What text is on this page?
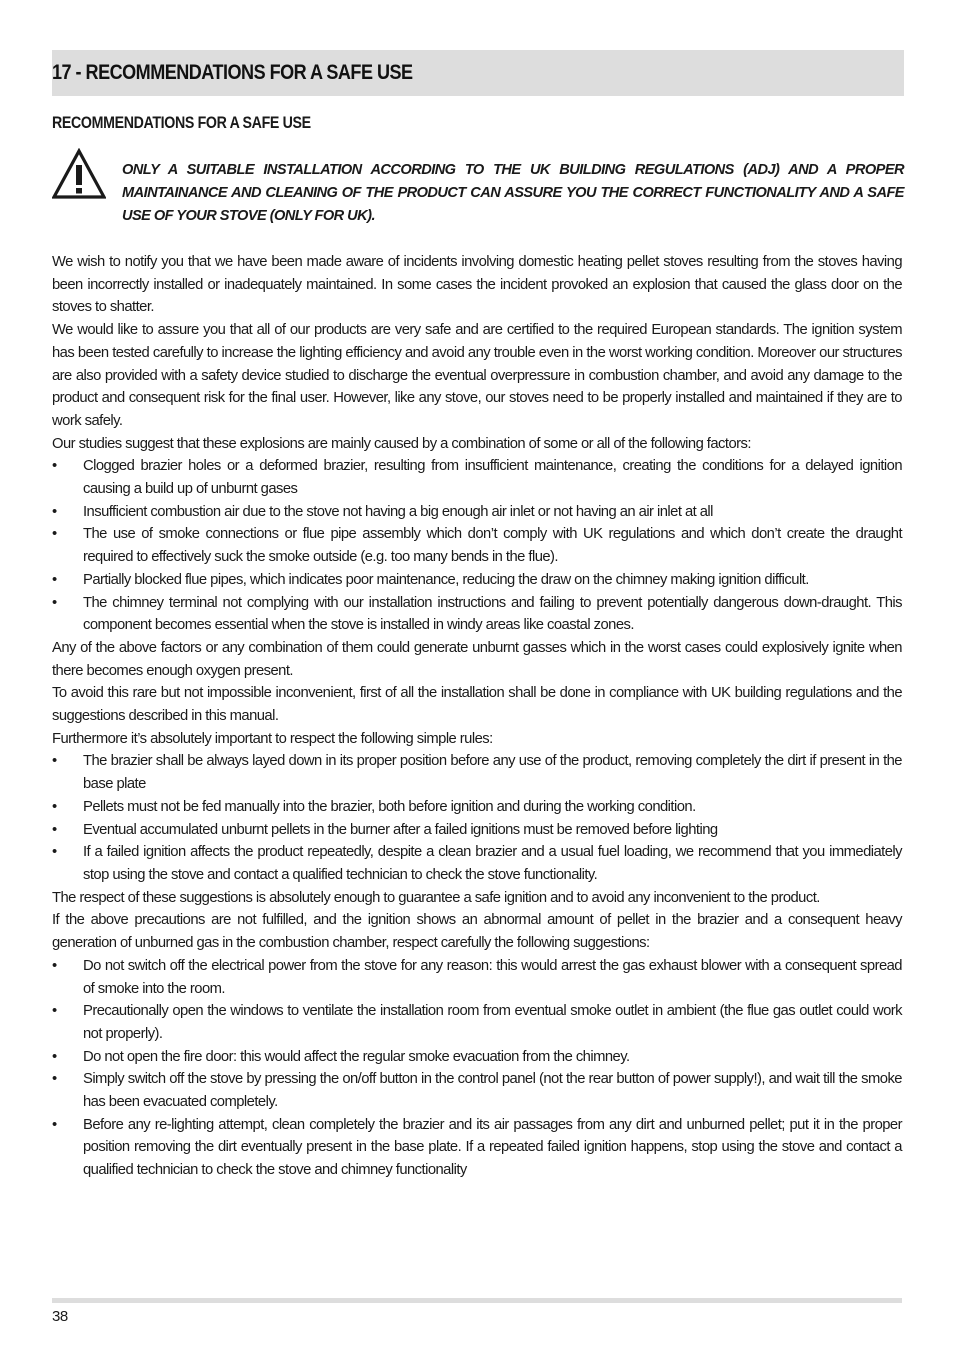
17 - RECOMMENDATIONS FOR A SAFE USE
RECOMMENDATIONS FOR A SAFE USE

ONLY A SUITABLE INSTALLATION ACCORDING TO THE UK BUILDING REGULATIONS (ADJ) AND A PROPER MAINTAINANCE AND CLEANING OF THE PRODUCT CAN ASSURE YOU THE CORRECT FUNCTIONALITY AND A SAFE USE OF YOUR STOVE (ONLY FOR UK).

We wish to notify you that we have been made aware of incidents involving domestic heating pellet stoves resulting from the stoves having been incorrectly installed or inadequately maintained. In some cases the incident provoked an explosion that caused the glass door on the stoves to shatter.

We would like to assure you that all of our products are very safe and are certified to the required European standards. The ignition system has been tested carefully to increase the lighting efficiency and avoid any trouble even in the worst working condition. Moreover our structures are also provided with a safety device studied to discharge the eventual overpressure in combustion chamber, and avoid any damage to the product and consequent risk for the final user. However, like any stove, our stoves need to be properly installed and maintained if they are to work safely.

Our studies suggest that these explosions are mainly caused by a combination of some or all of the following factors:

• Clogged brazier holes or a deformed brazier, resulting from insufficient maintenance, creating the conditions for a delayed ignition causing a build up of unburnt gases
• Insufficient combustion air due to the stove not having a big enough air inlet or not having an air inlet at all
• The use of smoke connections or flue pipe assembly which don’t comply with UK regulations and which don’t create the draught required to effectively suck the smoke outside (e.g. too many bends in the flue).
• Partially blocked flue pipes, which indicates poor maintenance, reducing the draw on the chimney making ignition difficult.
• The chimney terminal not complying with our installation instructions and failing to prevent potentially dangerous down-draught. This component becomes essential when the stove is installed in windy areas like coastal zones.

Any of the above factors or any combination of them could generate unburnt gasses which in the worst cases could explosively ignite when there becomes enough oxygen present.

To avoid this rare but not impossible inconvenient, first of all the installation shall be done in compliance with UK building regulations and the suggestions described in this manual.

Furthermore it’s absolutely important to respect the following simple rules:

• The brazier shall be always layed down in its proper position before any use of the product, removing completely the dirt if present in the base plate
• Pellets must not be fed manually into the brazier, both before ignition and during the working condition.
• Eventual accumulated unburnt pellets in the burner after a failed ignitions must be removed before lighting
• If a failed ignition affects the product repeatedly, despite a clean brazier and a usual fuel loading, we recommend that you immediately stop using the stove and contact a qualified technician to check the stove functionality.

The respect of these suggestions is absolutely enough to guarantee a safe ignition and to avoid any inconvenient to the product.

If the above precautions are not fulfilled, and the ignition shows an abnormal amount of pellet in the brazier and a consequent heavy generation of unburned gas in the combustion chamber, respect carefully the following suggestions:

• Do not switch off the electrical power from the stove for any reason: this would arrest the gas exhaust blower with a consequent spread of smoke into the room.
• Precautionally open the windows to ventilate the installation room from eventual smoke outlet in ambient (the flue gas outlet could work not properly).
• Do not open the fire door: this would affect the regular smoke evacuation from the chimney.
• Simply switch off the stove by pressing the on/off button in the control panel (not the rear button of power supply!), and wait till the smoke has been evacuated completely.
• Before any re-lighting attempt, clean completely the brazier and its air passages from any dirt and unburned pellet; put it in the proper position removing the dirt eventually present in the base plate. If a repeated failed ignition happens, stop using the stove and contact a qualified technician to check the stove and chimney functionality
38
